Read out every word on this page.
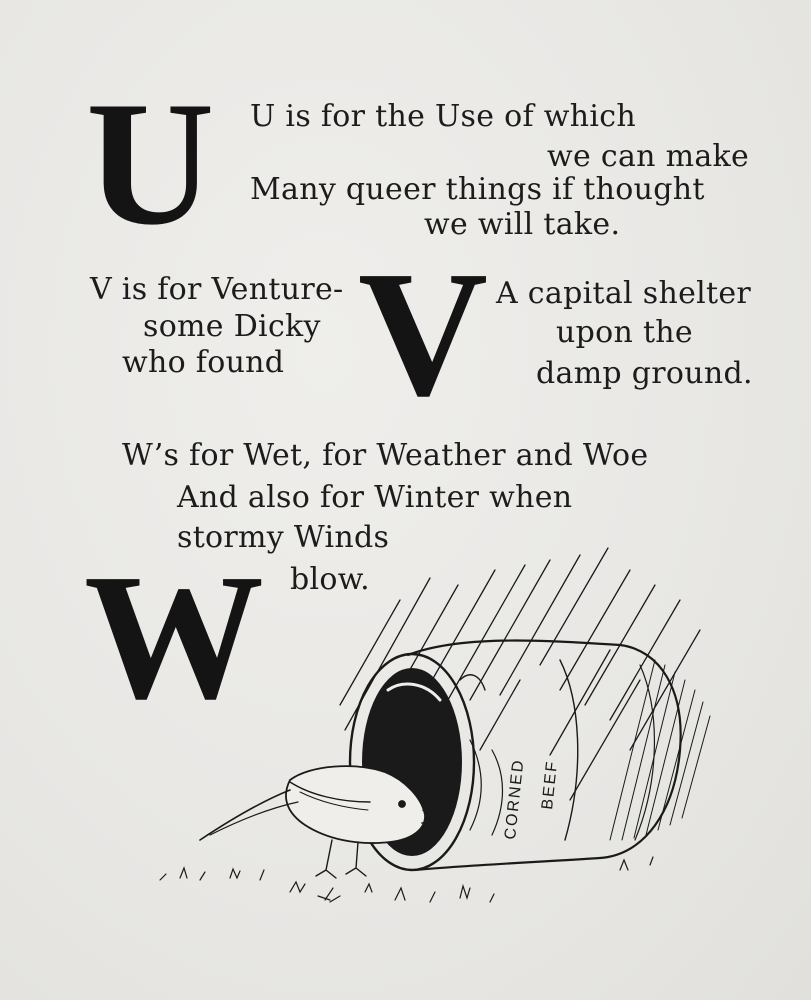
U
V
W
U is for the Use of which
we can make
Many queer things if thought
we will take.
V is for Venture-
some Dicky
who found
A capital shelter
upon the
damp ground.
W’s for Wet, for Weather and Woe
And also for Winter when
stormy Winds
blow.
CORNED BEEF
